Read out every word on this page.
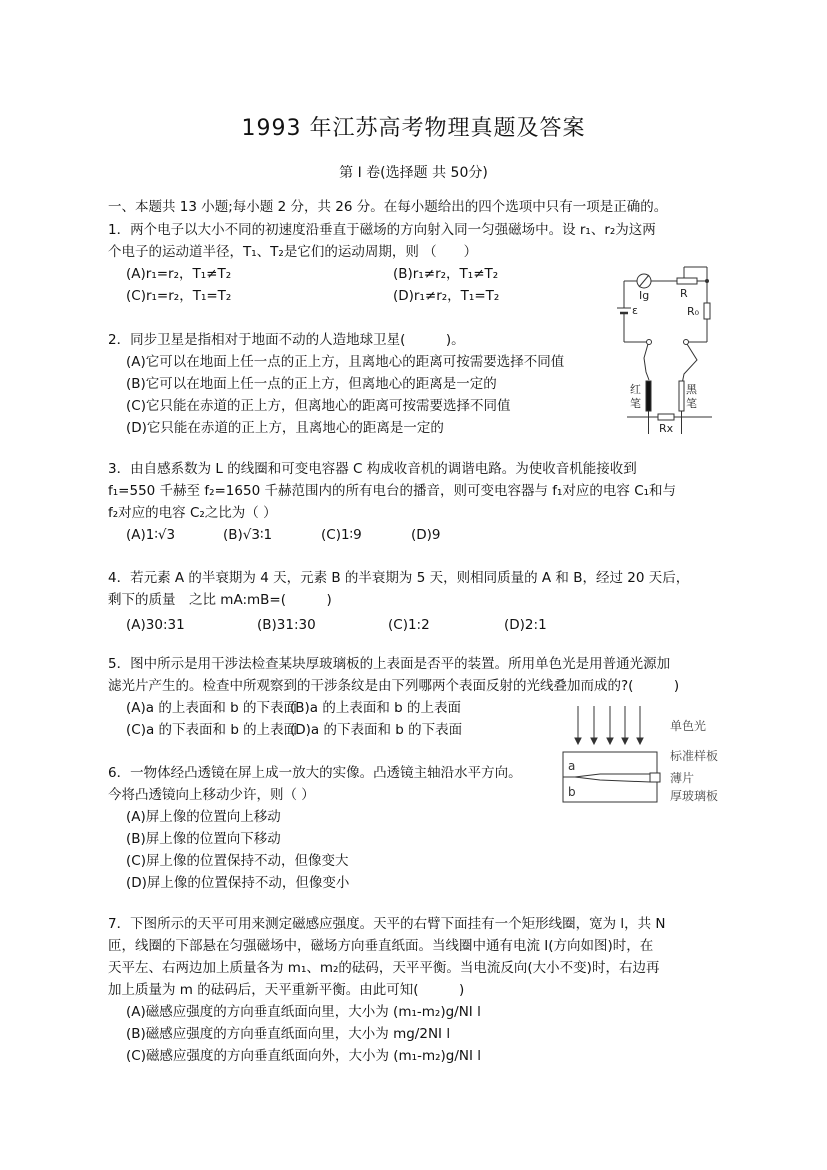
1993 年江苏高考物理真题及答案
第 I 卷(选择题 共 50分)
一、本题共 13 小题;每小题 2 分，共 26 分。在每小题给出的四个选项中只有一项是正确的。
1．两个电子以大小不同的初速度沿垂直于磁场的方向射入同一匀强磁场中。设 r₁、r₂为这两
个电子的运动道半径，T₁、T₂是它们的运动周期，则 （　　）
(A)r₁=r₂，T₁≠T₂	(B)r₁≠r₂，T₁≠T₂
(C)r₁=r₂，T₁=T₂	(D)r₁≠r₂，T₁=T₂	Ig	R
ε	R₀
红
笔
黑
笔
Rx
2．同步卫星是指相对于地面不动的人造地球卫星(　　　)。
(A)它可以在地面上任一点的正上方，且离地心的距离可按需要选择不同值
(B)它可以在地面上任一点的正上方，但离地心的距离是一定的
(C)它只能在赤道的正上方，但离地心的距离可按需要选择不同值
(D)它只能在赤道的正上方，且离地心的距离是一定的
3．由自感系数为 L 的线圈和可变电容器 C 构成收音机的调谐电路。为使收音机能接收到
f₁=550 千赫至 f₂=1650 千赫范围内的所有电台的播音，则可变电容器与 f₁对应的电容 C₁和与
f₂对应的电容 C₂之比为（ ）
(A)1∶√3	(B)√3∶1	(C)1∶9	(D)9
4．若元素 A 的半衰期为 4 天，元素 B 的半衰期为 5 天，则相同质量的 A 和 B，经过 20 天后，
剩下的质量　之比 mA:mB=(　　　)
(A)30:31	(B)31:30	(C)1:2	(D)2:1
5．图中所示是用干涉法检查某块厚玻璃板的上表面是否平的装置。所用单色光是用普通光源加
滤光片产生的。检查中所观察到的干涉条纹是由下列哪两个表面反射的光线叠加而成的?(　　　)
(A)a 的上表面和 b 的下表面
(B)a 的上表面和 b 的上表面
(C)a 的下表面和 b 的上表面
(D)a 的下表面和 b 的下表面
a
b
单色光
标准样板
薄片
厚玻璃板
6．一物体经凸透镜在屏上成一放大的实像。凸透镜主轴沿水平方向。
今将凸透镜向上移动少许，则（ ）
(A)屏上像的位置向上移动
(B)屏上像的位置向下移动
(C)屏上像的位置保持不动，但像变大
(D)屏上像的位置保持不动，但像变小
7．下图所示的天平可用来测定磁感应强度。天平的右臂下面挂有一个矩形线圈，宽为 l，共 N
匝，线圈的下部悬在匀强磁场中，磁场方向垂直纸面。当线圈中通有电流 I(方向如图)时，在
天平左、右两边加上质量各为 m₁、m₂的砝码，天平平衡。当电流反向(大小不变)时，右边再
加上质量为 m 的砝码后，天平重新平衡。由此可知(　　　)
(A)磁感应强度的方向垂直纸面向里，大小为 (m₁-m₂)g/NI l
(B)磁感应强度的方向垂直纸面向里，大小为 mg/2NI l
(C)磁感应强度的方向垂直纸面向外，大小为 (m₁-m₂)g/NI l
